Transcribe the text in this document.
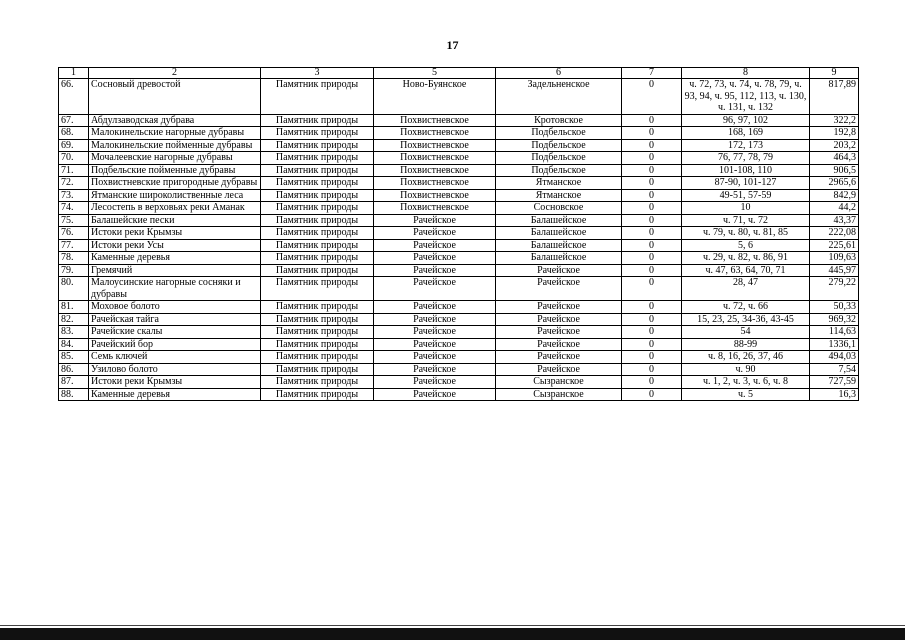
17
1	2	3	5	6	7	8	9
66.	Сосновый древостой	Памятник природы	Ново-Буянское	Задельненское	0	ч. 72, 73, ч. 74, ч. 78, 79, ч. 93, 94, ч. 95, 112, 113, ч. 130, ч. 131, ч. 132	817,89
67.	Абдулзаводская дубрава	Памятник природы	Похвистневское	Кротовское	0	96, 97, 102	322,2
68.	Малокинельские нагорные дубравы	Памятник природы	Похвистневское	Подбельское	0	168, 169	192,8
69.	Малокинельские пойменные дубравы	Памятник природы	Похвистневское	Подбельское	0	172, 173	203,2
70.	Мочалеевские нагорные дубравы	Памятник природы	Похвистневское	Подбельское	0	76, 77, 78, 79	464,3
71.	Подбельские пойменные дубравы	Памятник природы	Похвистневское	Подбельское	0	101-108, 110	906,5
72.	Похвистневские пригородные дубравы	Памятник природы	Похвистневское	Ятманское	0	87-90, 101-127	2965,6
73.	Ятманские широколиственные леса	Памятник природы	Похвистневское	Ятманское	0	49-51, 57-59	842,9
74.	Лесостепь в верховьях реки Аманак	Памятник природы	Похвистневское	Сосновское	0	10	44,2
75.	Балашейские пески	Памятник природы	Рачейское	Балашейское	0	ч. 71, ч. 72	43,37
76.	Истоки реки Крымзы	Памятник природы	Рачейское	Балашейское	0	ч. 79, ч. 80, ч. 81, 85	222,08
77.	Истоки реки Усы	Памятник природы	Рачейское	Балашейское	0	5, 6	225,61
78.	Каменные деревья	Памятник природы	Рачейское	Балашейское	0	ч. 29, ч. 82, ч. 86, 91	109,63
79.	Гремячий	Памятник природы	Рачейское	Рачейское	0	ч. 47, 63, 64, 70, 71	445,97
80.	Малоусинские нагорные сосняки и дубравы	Памятник природы	Рачейское	Рачейское	0	28, 47	279,22
81.	Моховое болото	Памятник природы	Рачейское	Рачейское	0	ч. 72, ч. 66	50,33
82.	Рачейская тайга	Памятник природы	Рачейское	Рачейское	0	15, 23, 25, 34-36, 43-45	969,32
83.	Рачейские скалы	Памятник природы	Рачейское	Рачейское	0	54	114,63
84.	Рачейский бор	Памятник природы	Рачейское	Рачейское	0	88-99	1336,1
85.	Семь ключей	Памятник природы	Рачейское	Рачейское	0	ч. 8, 16, 26, 37, 46	494,03
86.	Узилово болото	Памятник природы	Рачейское	Рачейское	0	ч. 90	7,54
87.	Истоки реки Крымзы	Памятник природы	Рачейское	Сызранское	0	ч. 1, 2, ч. 3, ч. 6, ч. 8	727,59
88.	Каменные деревья	Памятник природы	Рачейское	Сызранское	0	ч. 5	16,3
